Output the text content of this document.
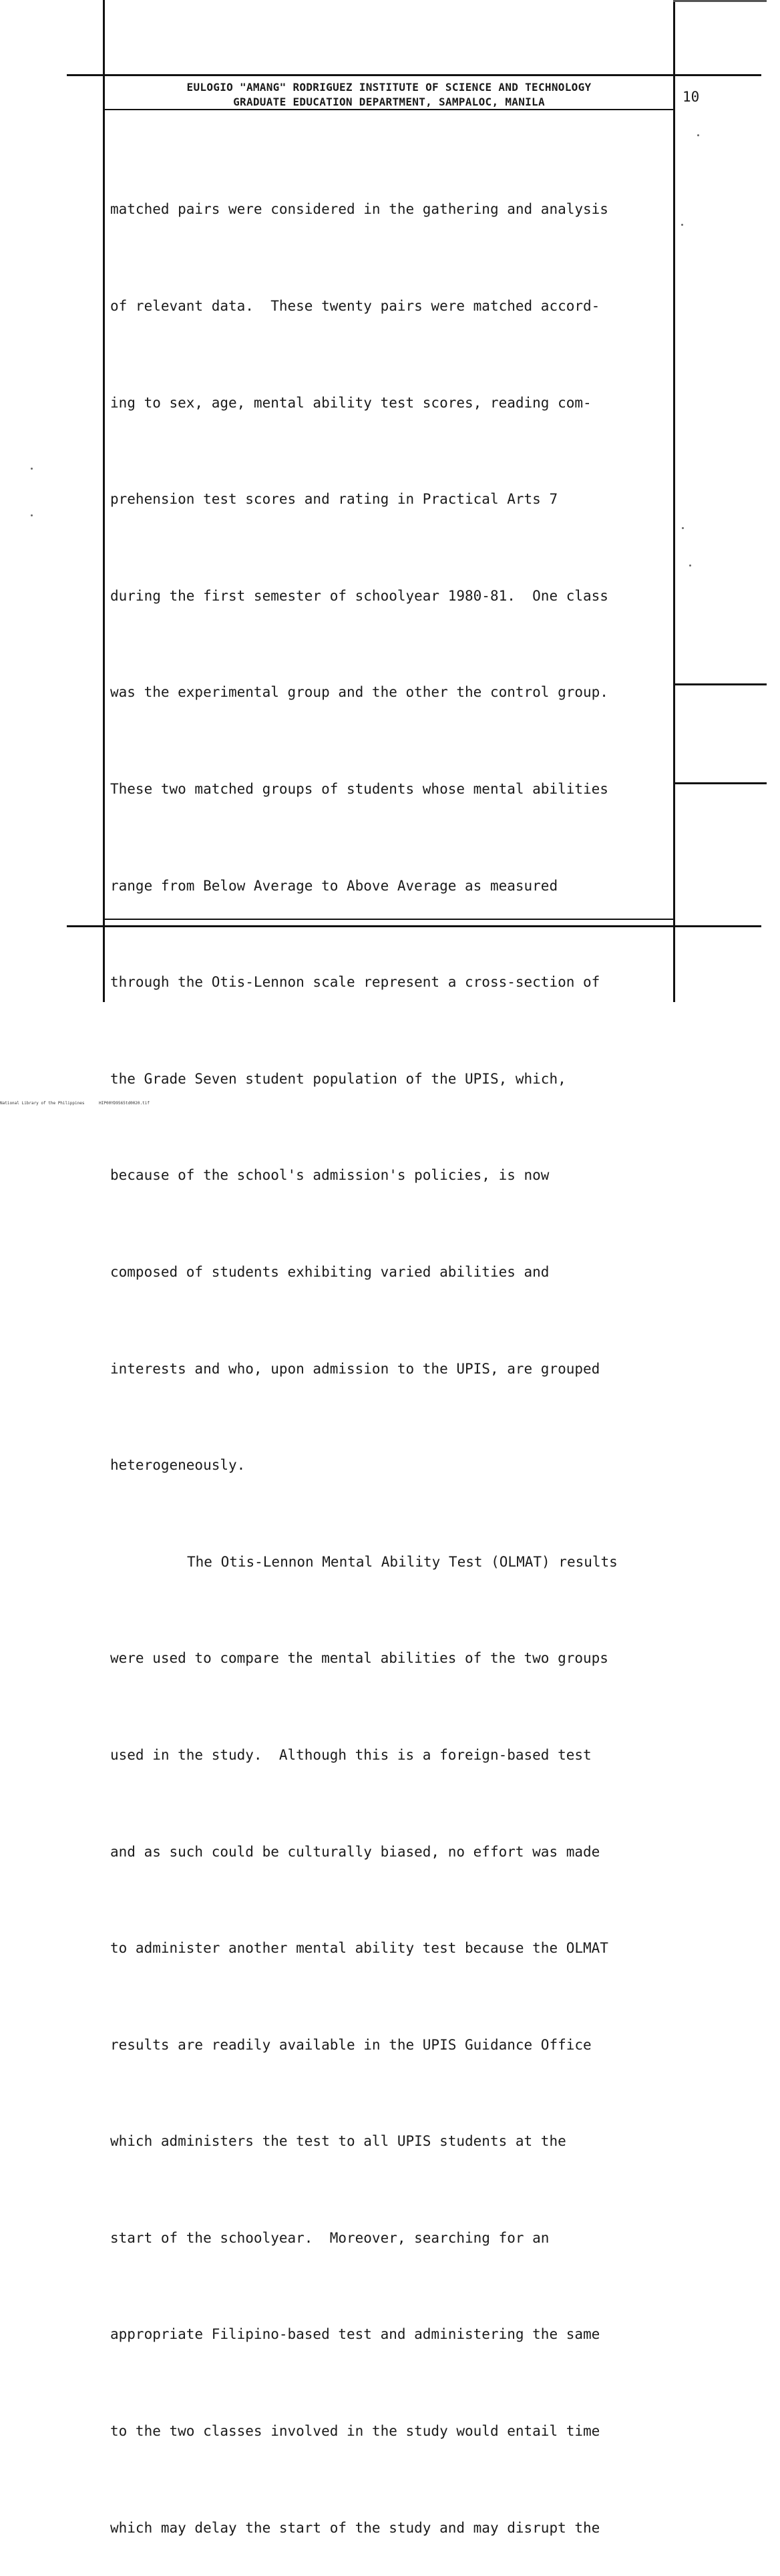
EULOGIO "AMANG" RODRIGUEZ INSTITUTE OF SCIENCE AND TECHNOLOGY
GRADUATE EDUCATION DEPARTMENT, SAMPALOC, MANILA	10

matched pairs were considered in the gathering and analysis

of relevant data.  These twenty pairs were matched accord-

ing to sex, age, mental ability test scores, reading com-

prehension test scores and rating in Practical Arts 7

during the first semester of schoolyear 1980-81.  One class

was the experimental group and the other the control group.

These two matched groups of students whose mental abilities

range from Below Average to Above Average as measured

through the Otis-Lennon scale represent a cross-section of

the Grade Seven student population of the UPIS, which,

because of the school's admission's policies, is now

composed of students exhibiting varied abilities and

interests and who, upon admission to the UPIS, are grouped

heterogeneously.

The Otis-Lennon Mental Ability Test (OLMAT) results

were used to compare the mental abilities of the two groups

used in the study.  Although this is a foreign-based test

and as such could be culturally biased, no effort was made

to administer another mental ability test because the OLMAT

results are readily available in the UPIS Guidance Office

which administers the test to all UPIS students at the

start of the schoolyear.  Moreover, searching for an

appropriate Filipino-based test and administering the same

to the two classes involved in the study would entail time

which may delay the start of the study and may disrupt the

National Library of the Philippines	HIP00YD9565td0020.tif
